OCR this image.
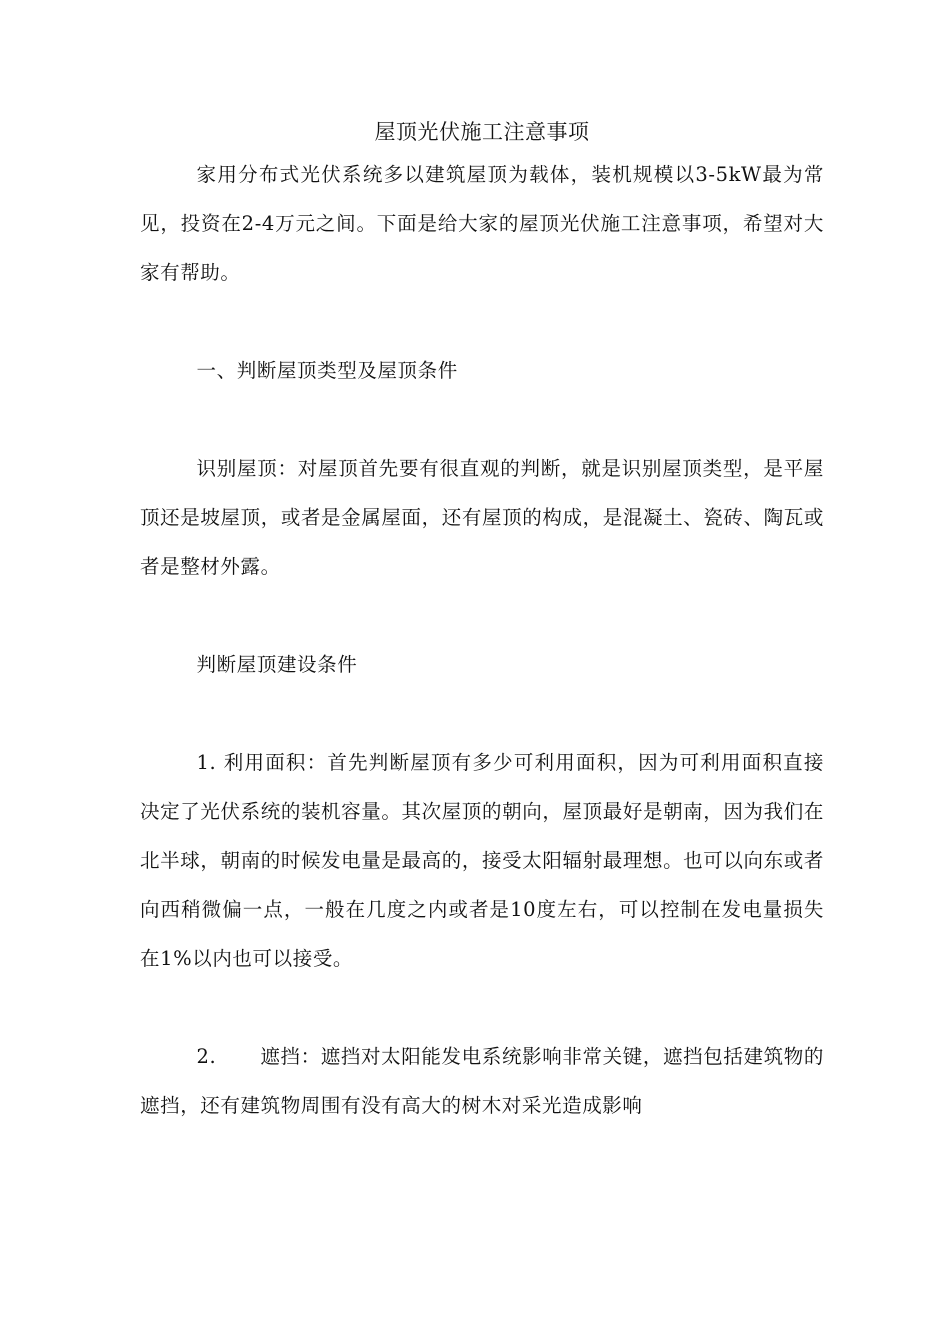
屋顶光伏施工注意事项

家用分布式光伏系统多以建筑屋顶为载体，装机规模以3-5kW最为常见，投资在2-4万元之间。下面是给大家的屋顶光伏施工注意事项，希望对大家有帮助。

一、判断屋顶类型及屋顶条件

识别屋顶：对屋顶首先要有很直观的判断，就是识别屋顶类型，是平屋顶还是坡屋顶，或者是金属屋面，还有屋顶的构成，是混凝土、瓷砖、陶瓦或者是整材外露。

判断屋顶建设条件

1. 利用面积：首先判断屋顶有多少可利用面积，因为可利用面积直接决定了光伏系统的装机容量。其次屋顶的朝向，屋顶最好是朝南，因为我们在北半球，朝南的时候发电量是最高的，接受太阳辐射最理想。也可以向东或者向西稍微偏一点，一般在几度之内或者是10度左右，可以控制在发电量损失在1%以内也可以接受。

2. 遮挡：遮挡对太阳能发电系统影响非常关键，遮挡包括建筑物的遮挡，还有建筑物周围有没有高大的树木对采光造成影响
